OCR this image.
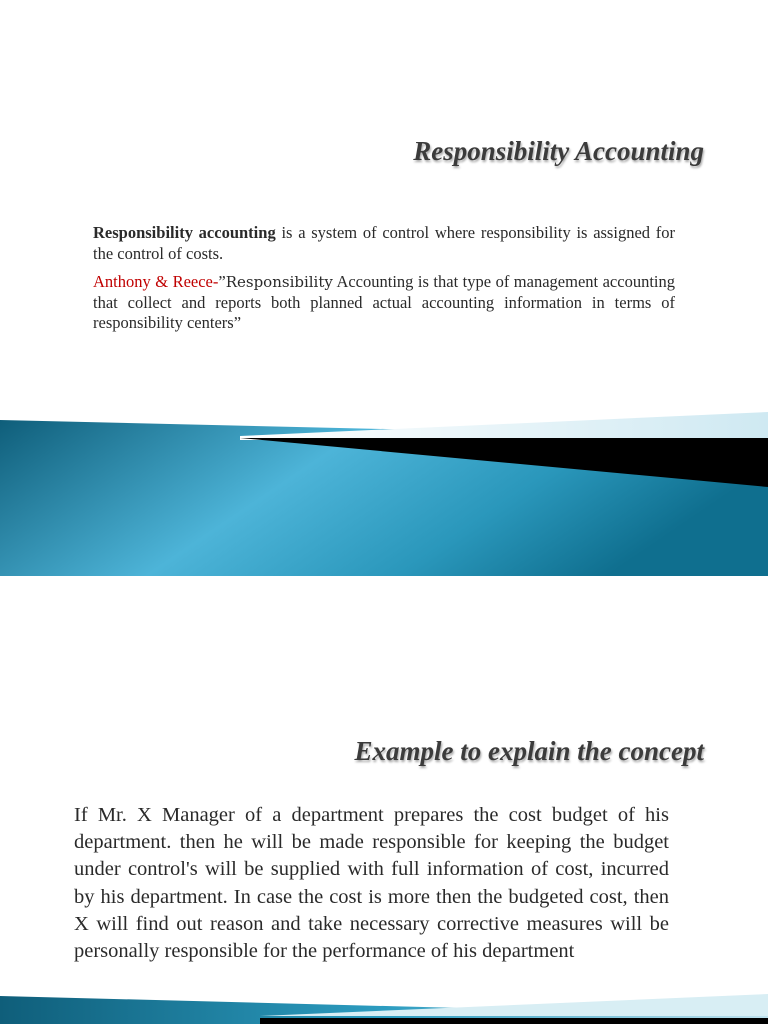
Responsibility Accounting

Responsibility accounting is a system of control where responsibility is assigned for the control of costs.

Anthony & Reece-”Responsibility Accounting is that type of management accounting that collect and reports both planned actual accounting information in terms of responsibility centers”

Example to explain the concept

If Mr. X Manager of a department prepares the cost budget of his department. then he will be made responsible for keeping the budget under control's will be supplied with full information of cost, incurred by his department. In case the cost is more then the budgeted cost, then X will find out reason and take necessary corrective measures will be personally responsible for the performance of his department
